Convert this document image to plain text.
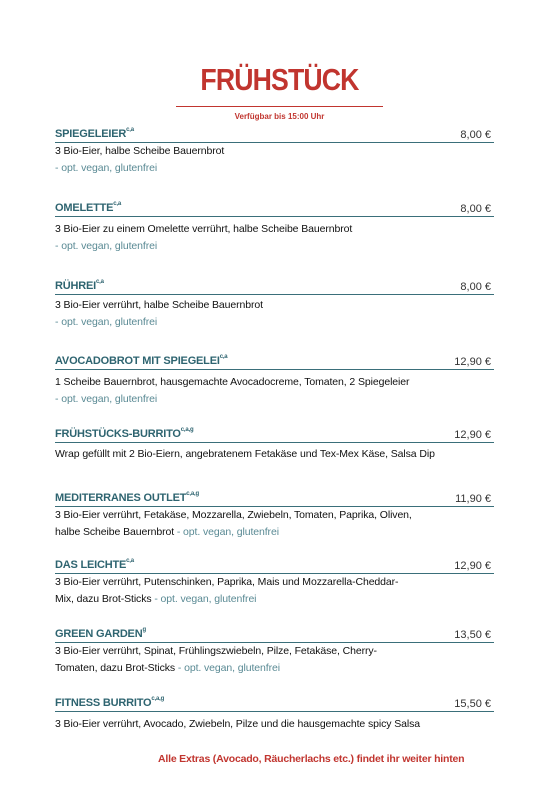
FRÜHSTÜCK
Verfügbar bis 15:00 Uhr
SPIEGELEIER$^{c,a}$	8,00 €
3 Bio-Eier, halbe Scheibe Bauernbrot
- opt. vegan, glutenfrei
OMELETTE$^{c,a}$	8,00 €
3 Bio-Eier zu einem Omelette verrührt, halbe Scheibe Bauernbrot
- opt. vegan, glutenfrei
RÜHREI$^{c,a}$	8,00 €
3 Bio-Eier verrührt, halbe Scheibe Bauernbrot
- opt. vegan, glutenfrei
AVOCADOBROT MIT SPIEGELEI$^{c,a}$	12,90 €
1 Scheibe Bauernbrot, hausgemachte Avocadocreme, Tomaten, 2 Spiegeleier
- opt. vegan, glutenfrei
FRÜHSTÜCKS-BURRITO$^{c,a,g}$	12,90 €
Wrap gefüllt mit 2 Bio-Eiern, angebratenem Fetakäse und Tex-Mex Käse, Salsa Dip
MEDITERRANES OUTLET$^{c,a,g}$	11,90 €
3 Bio-Eier verrührt, Fetakäse, Mozzarella, Zwiebeln, Tomaten, Paprika, Oliven,
halbe Scheibe Bauernbrot - opt. vegan, glutenfrei
DAS LEICHTE$^{c,a}$	12,90 €
3 Bio-Eier verrührt, Putenschinken, Paprika, Mais und Mozzarella-Cheddar-
Mix, dazu Brot-Sticks - opt. vegan, glutenfrei
GREEN GARDEN$^g$	13,50 €
3 Bio-Eier verrührt, Spinat, Frühlingszwiebeln, Pilze, Fetakäse, Cherry-
Tomaten, dazu Brot-Sticks - opt. vegan, glutenfrei
FITNESS BURRITO$^{c,a,g}$	15,50 €
3 Bio-Eier verrührt, Avocado, Zwiebeln, Pilze und die hausgemachte spicy Salsa
Alle Extras (Avocado, Räucherlachs etc.) findet ihr weiter hinten
